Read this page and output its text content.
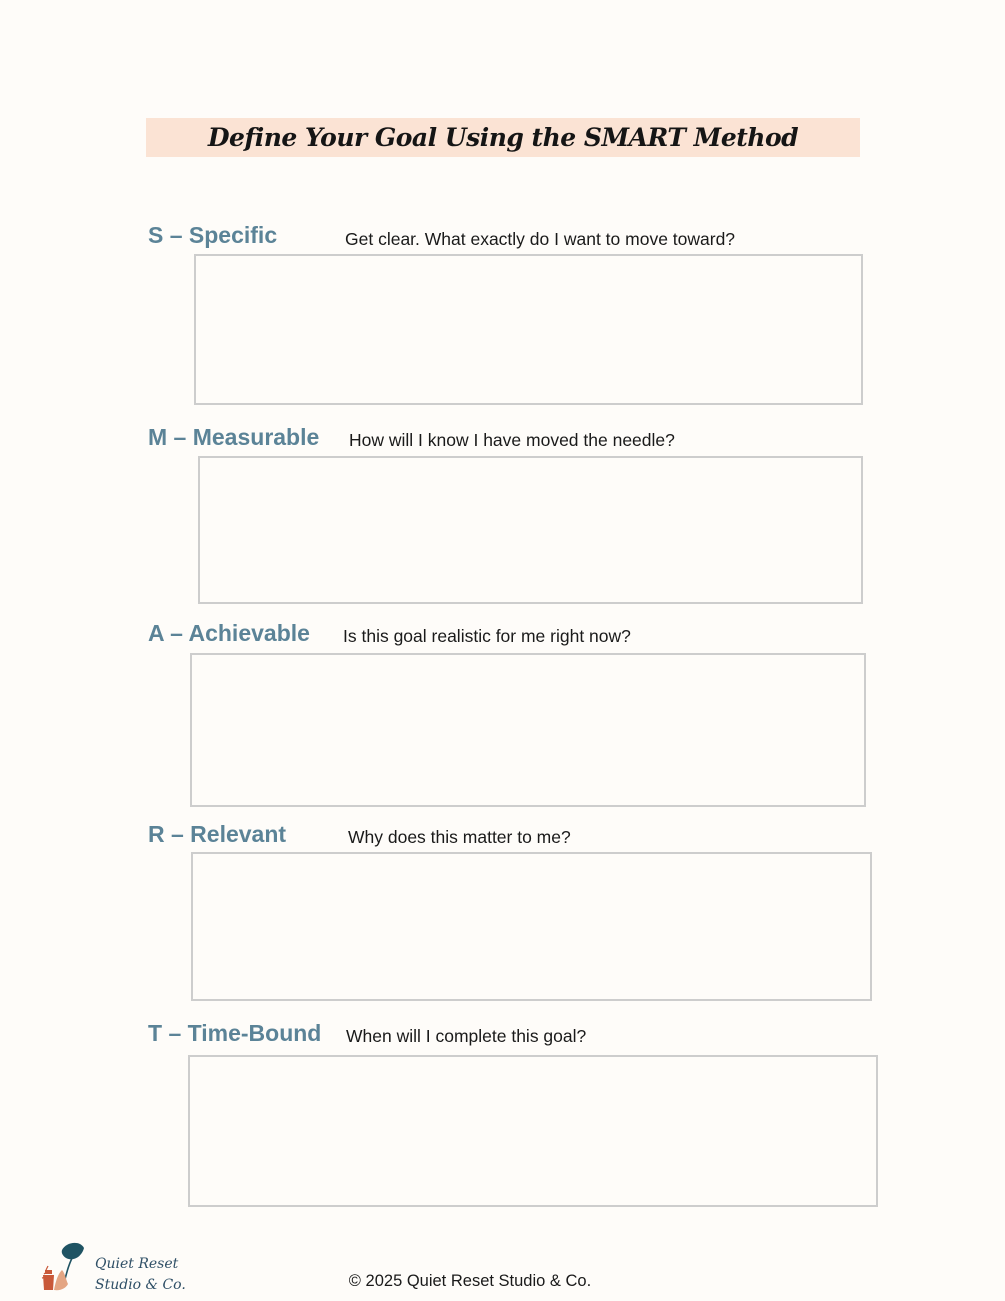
Define Your Goal Using the SMART Method
S – Specific	Get clear. What exactly do I want to move toward?
M – Measurable How will I know I have moved the needle?
A – Achievable Is this goal realistic for me right now?
R – Relevant	Why does this matter to me?
T – Time-Bound When will I complete this goal?
Quiet Reset
Studio & Co.	© 2025 Quiet Reset Studio & Co.
